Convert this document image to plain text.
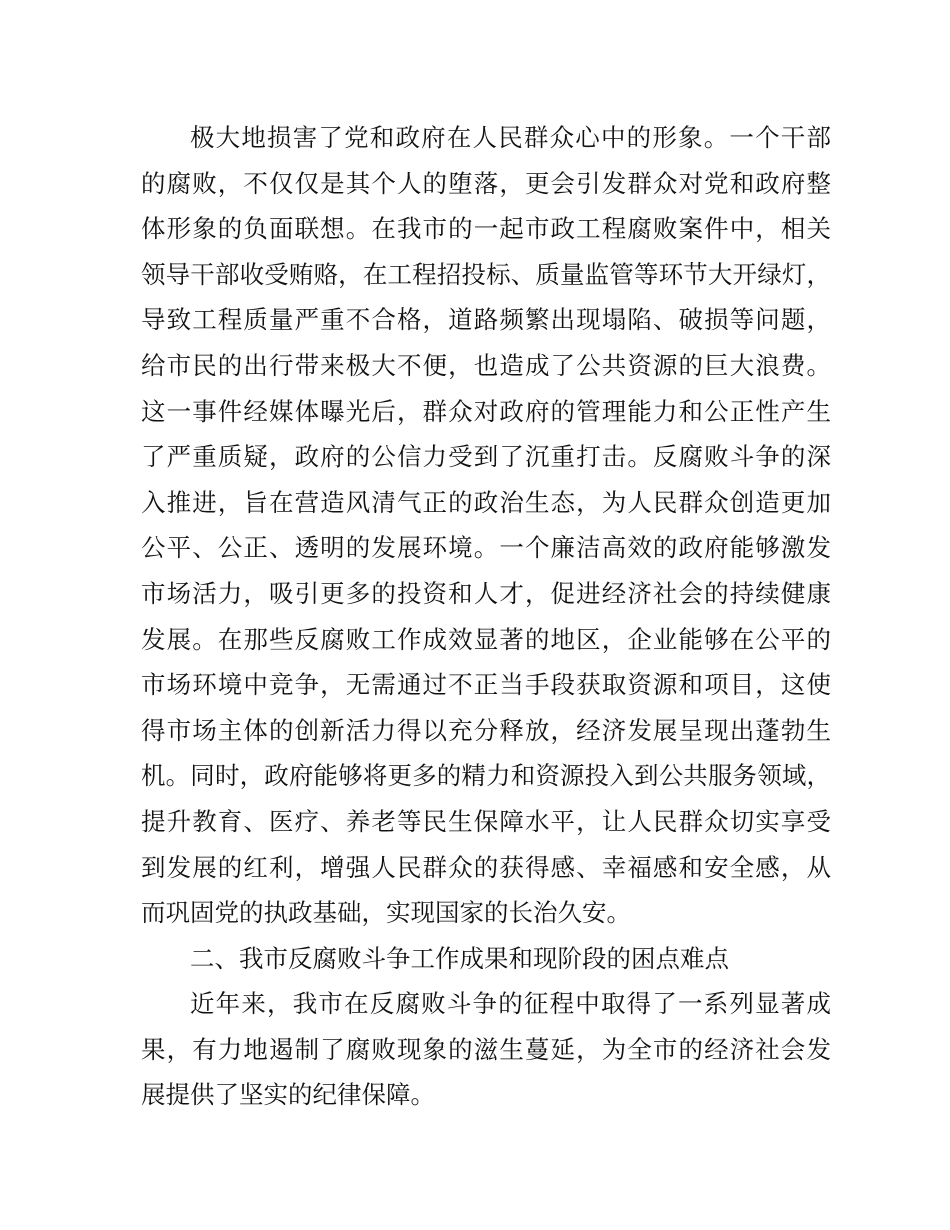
极大地损害了党和政府在人民群众心中的形象。一个干部
的腐败，不仅仅是其个人的堕落，更会引发群众对党和政府整
体形象的负面联想。在我市的一起市政工程腐败案件中，相关
领导干部收受贿赂，在工程招投标、质量监管等环节大开绿灯，
导致工程质量严重不合格，道路频繁出现塌陷、破损等问题，
给市民的出行带来极大不便，也造成了公共资源的巨大浪费。
这一事件经媒体曝光后，群众对政府的管理能力和公正性产生
了严重质疑，政府的公信力受到了沉重打击。反腐败斗争的深
入推进，旨在营造风清气正的政治生态，为人民群众创造更加
公平、公正、透明的发展环境。一个廉洁高效的政府能够激发
市场活力，吸引更多的投资和人才，促进经济社会的持续健康
发展。在那些反腐败工作成效显著的地区，企业能够在公平的
市场环境中竞争，无需通过不正当手段获取资源和项目，这使
得市场主体的创新活力得以充分释放，经济发展呈现出蓬勃生
机。同时，政府能够将更多的精力和资源投入到公共服务领域，
提升教育、医疗、养老等民生保障水平，让人民群众切实享受
到发展的红利，增强人民群众的获得感、幸福感和安全感，从
而巩固党的执政基础，实现国家的长治久安。
二、我市反腐败斗争工作成果和现阶段的困点难点
近年来，我市在反腐败斗争的征程中取得了一系列显著成
果，有力地遏制了腐败现象的滋生蔓延，为全市的经济社会发
展提供了坚实的纪律保障。
